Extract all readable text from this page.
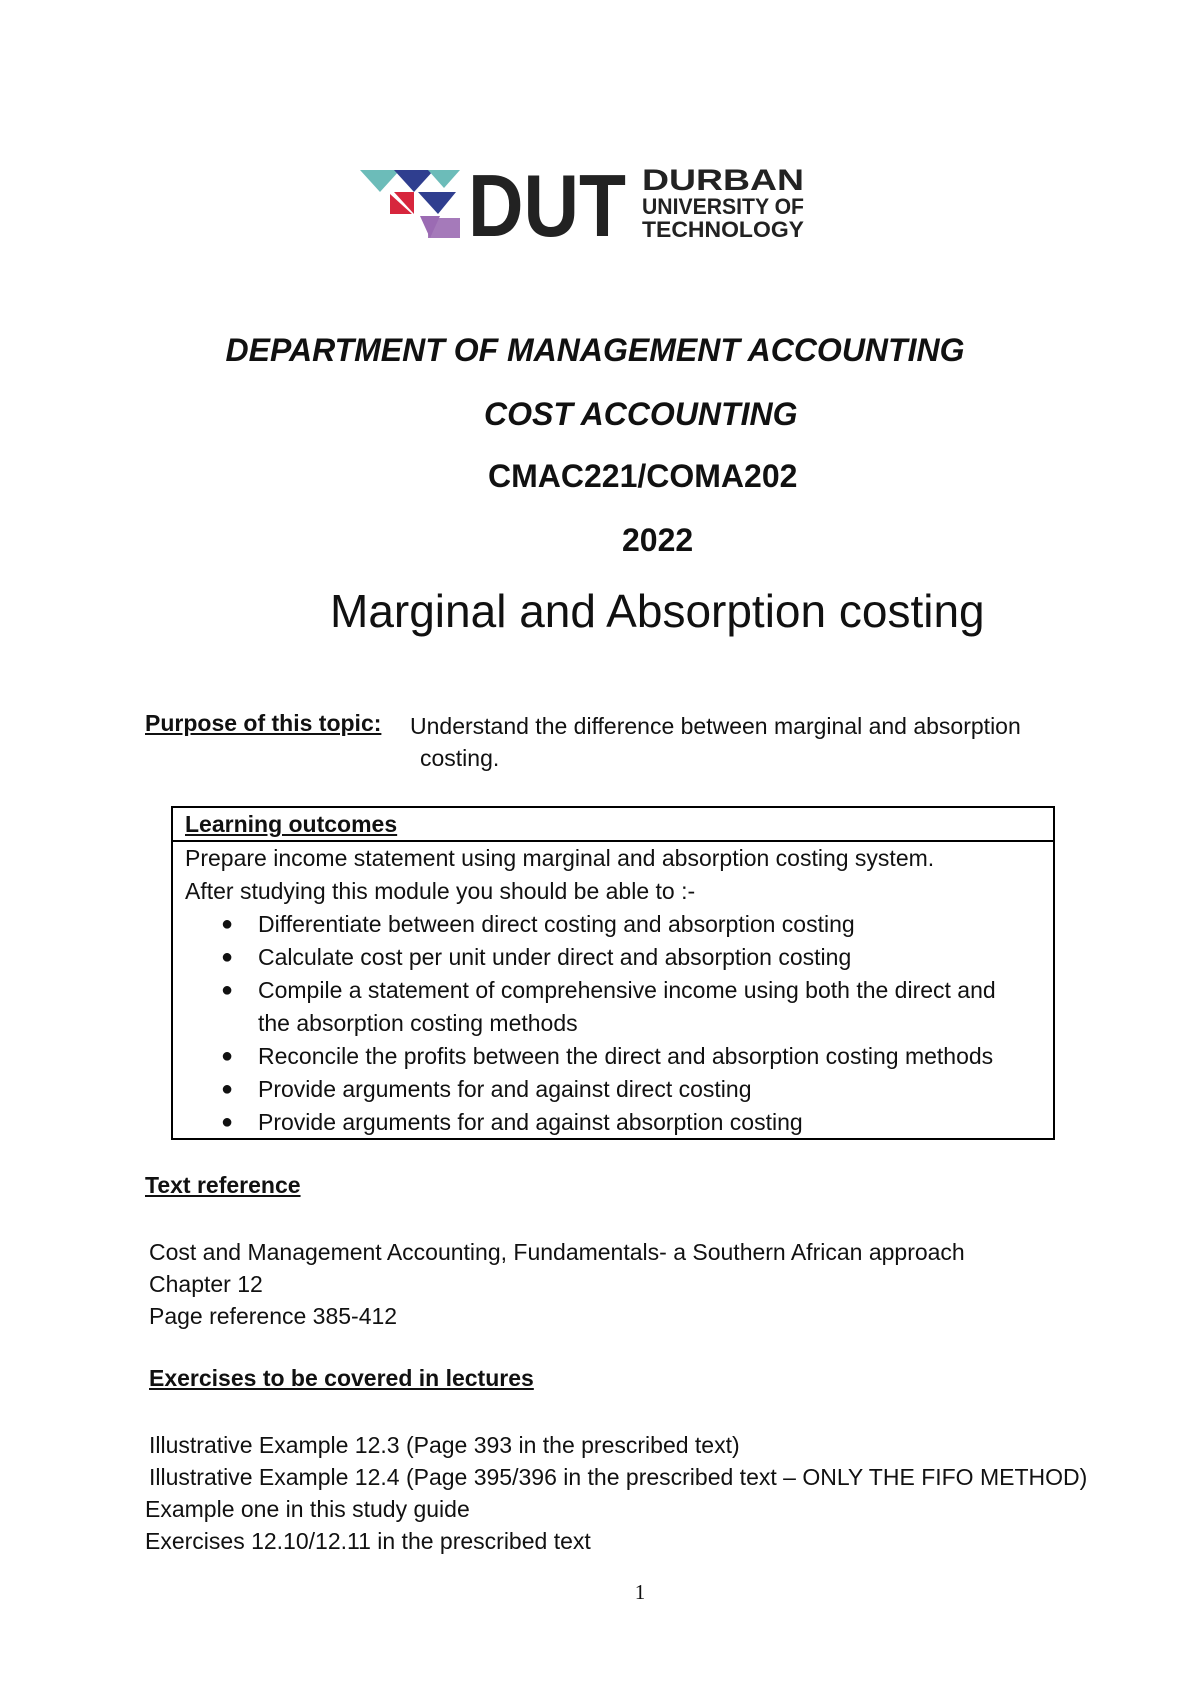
DUT DURBAN
UNIVERSITY OF
TECHNOLOGY
DEPARTMENT OF MANAGEMENT ACCOUNTING
COST ACCOUNTING
CMAC221/COMA202
2022
Marginal and Absorption costing
Purpose of this topic: Understand the difference between marginal and absorption
costing.
Learning outcomes

Prepare income statement using marginal and absorption costing system.

After studying this module you should be able to :-

● Differentiate between direct costing and absorption costing
● Calculate cost per unit under direct and absorption costing
● Compile a statement of comprehensive income using both the direct and
the absorption costing methods
● Reconcile the profits between the direct and absorption costing methods
● Provide arguments for and against direct costing
● Provide arguments for and against absorption costing
Text reference
Cost and Management Accounting, Fundamentals- a Southern African approach
Chapter 12
Page reference 385-412
Exercises to be covered in lectures
Illustrative Example 12.3 (Page 393 in the prescribed text)
Illustrative Example 12.4 (Page 395/396 in the prescribed text – ONLY THE FIFO METHOD)
Example one in this study guide
Exercises 12.10/12.11 in the prescribed text
1
